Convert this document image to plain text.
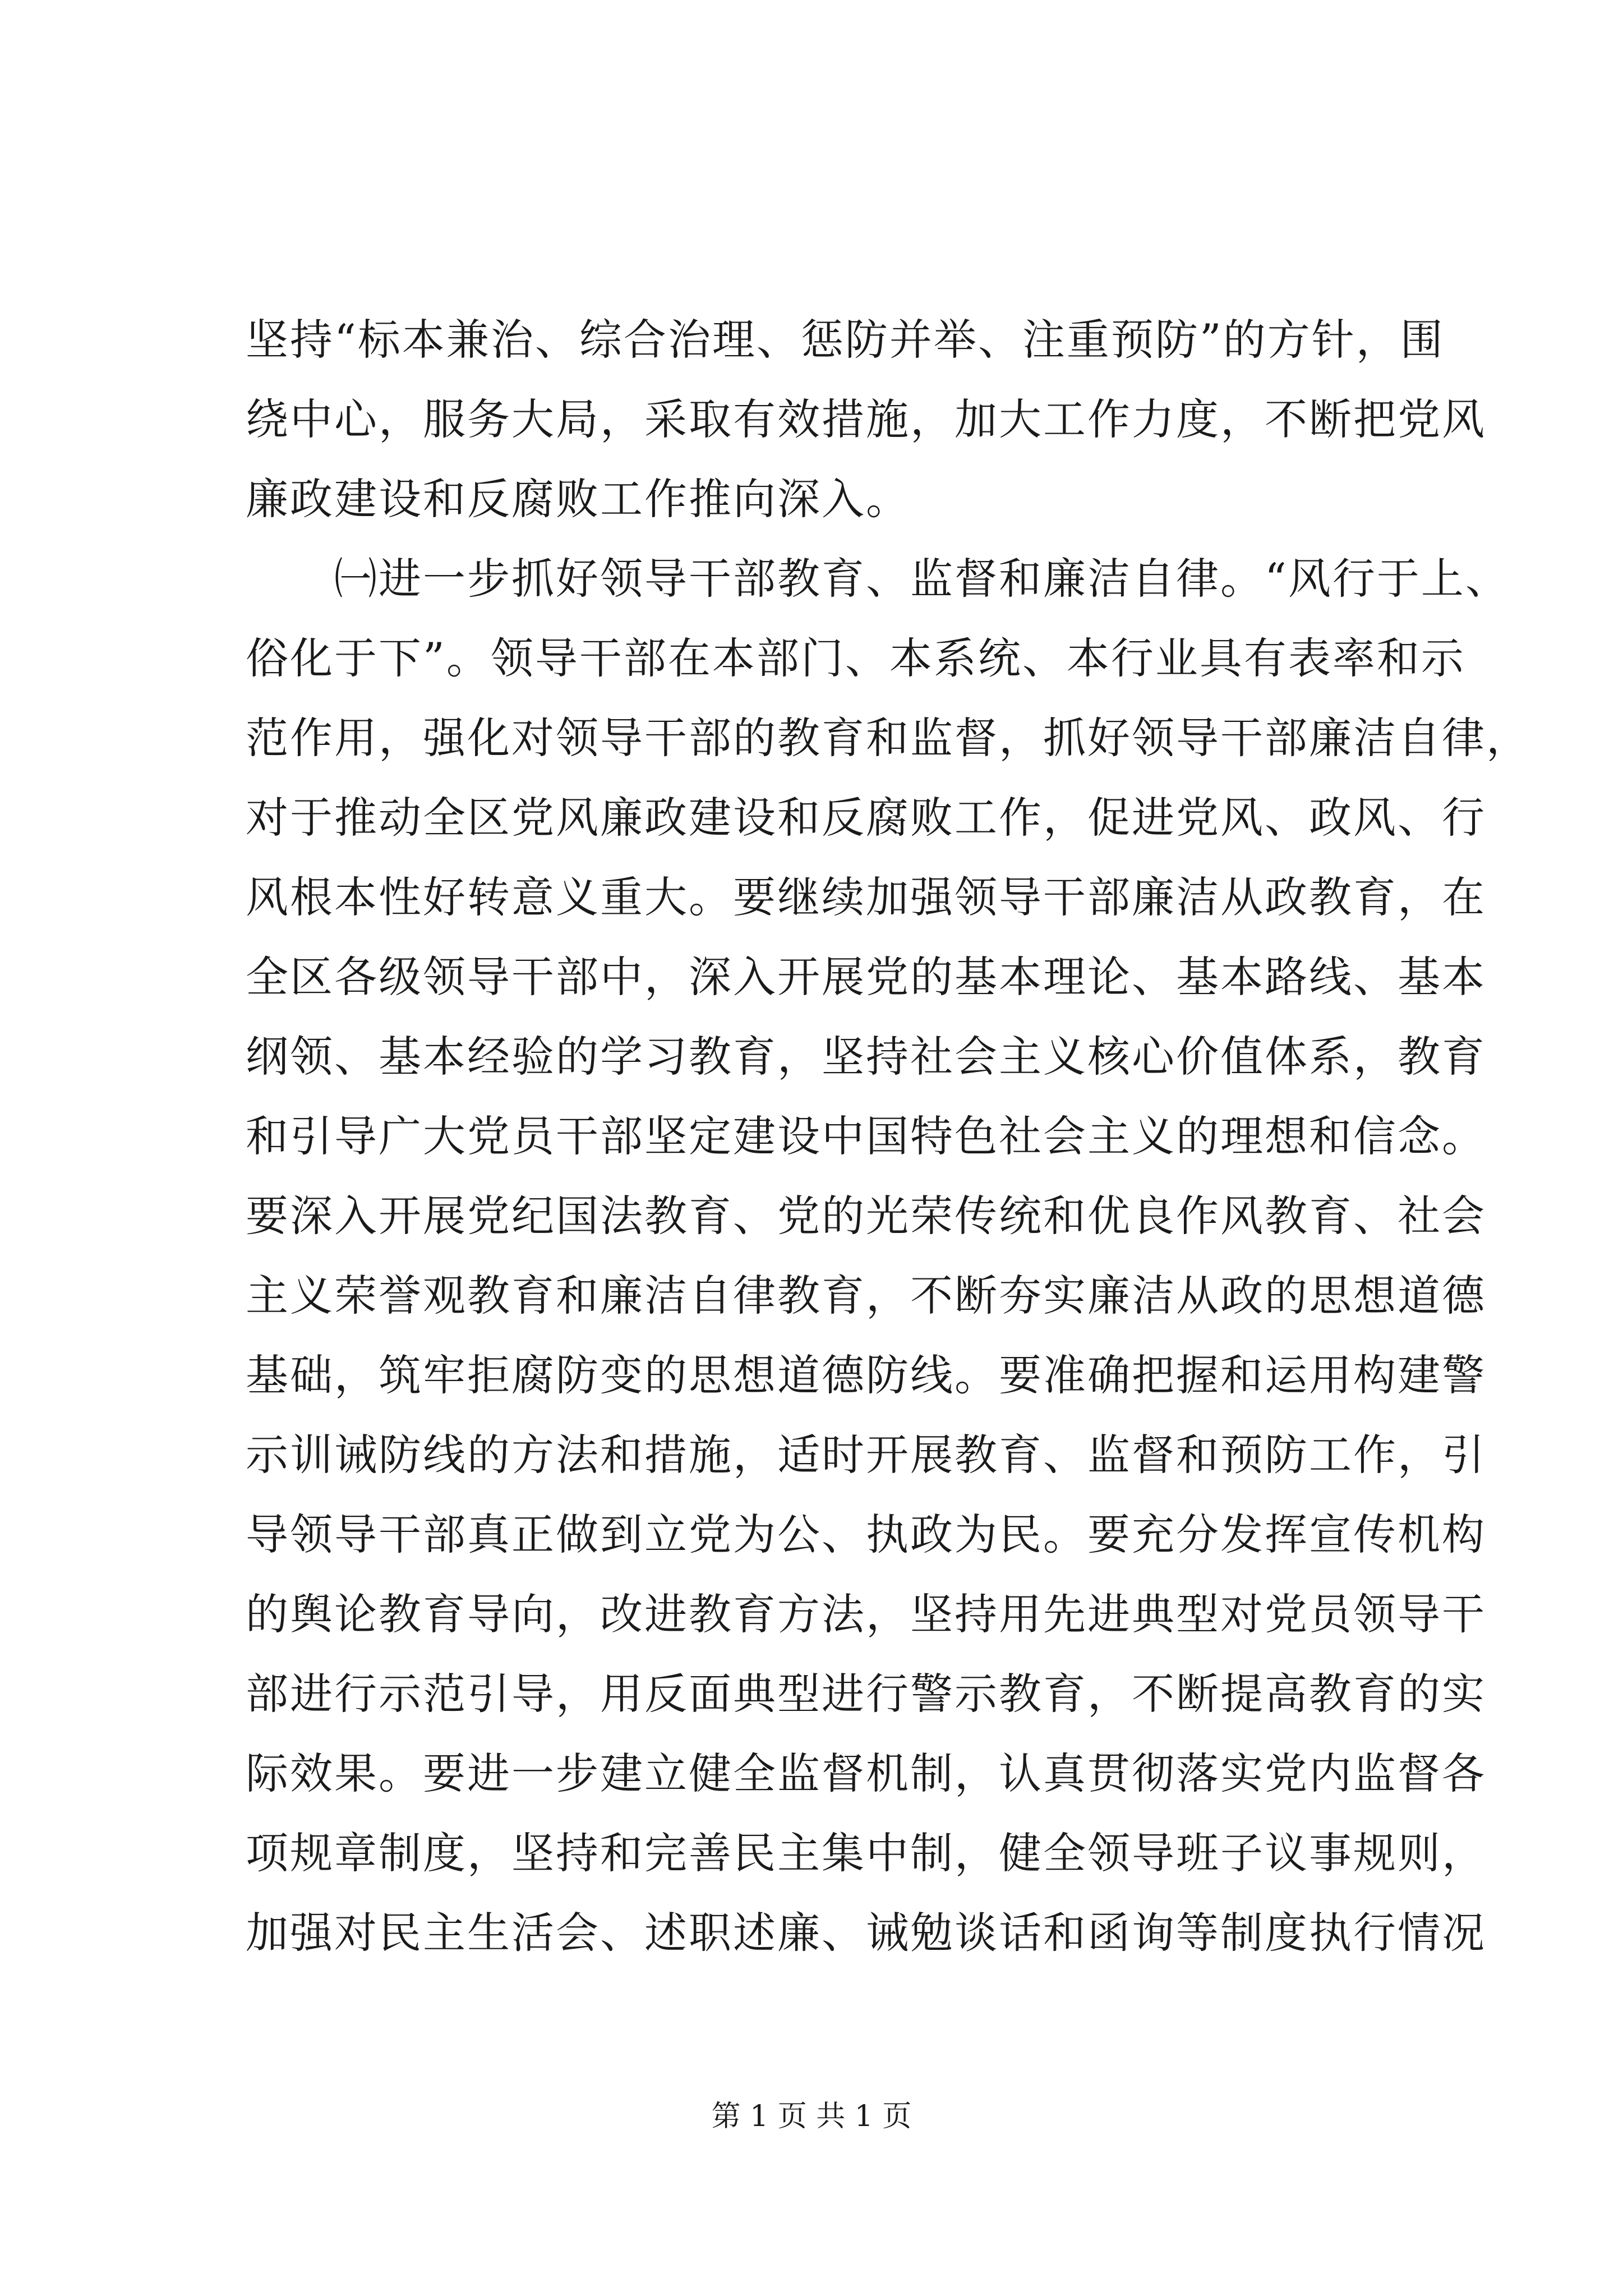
坚持“标本兼治、综合治理、惩防并举、注重预防”的方针，围
绕中心，服务大局，采取有效措施，加大工作力度，不断把党风
廉政建设和反腐败工作推向深入。
㈠进一步抓好领导干部教育、监督和廉洁自律。“风行于上、
俗化于下”。领导干部在本部门、本系统、本行业具有表率和示
范作用，强化对领导干部的教育和监督，抓好领导干部廉洁自律，
对于推动全区党风廉政建设和反腐败工作，促进党风、政风、行
风根本性好转意义重大。要继续加强领导干部廉洁从政教育，在
全区各级领导干部中，深入开展党的基本理论、基本路线、基本
纲领、基本经验的学习教育，坚持社会主义核心价值体系，教育
和引导广大党员干部坚定建设中国特色社会主义的理想和信念。
要深入开展党纪国法教育、党的光荣传统和优良作风教育、社会
主义荣誉观教育和廉洁自律教育，不断夯实廉洁从政的思想道德
基础，筑牢拒腐防变的思想道德防线。要准确把握和运用构建警
示训诫防线的方法和措施，适时开展教育、监督和预防工作，引
导领导干部真正做到立党为公、执政为民。要充分发挥宣传机构
的舆论教育导向，改进教育方法，坚持用先进典型对党员领导干
部进行示范引导，用反面典型进行警示教育，不断提高教育的实
际效果。要进一步建立健全监督机制，认真贯彻落实党内监督各
项规章制度，坚持和完善民主集中制，健全领导班子议事规则，
加强对民主生活会、述职述廉、诫勉谈话和函询等制度执行情况
第 1 页 共 1 页
